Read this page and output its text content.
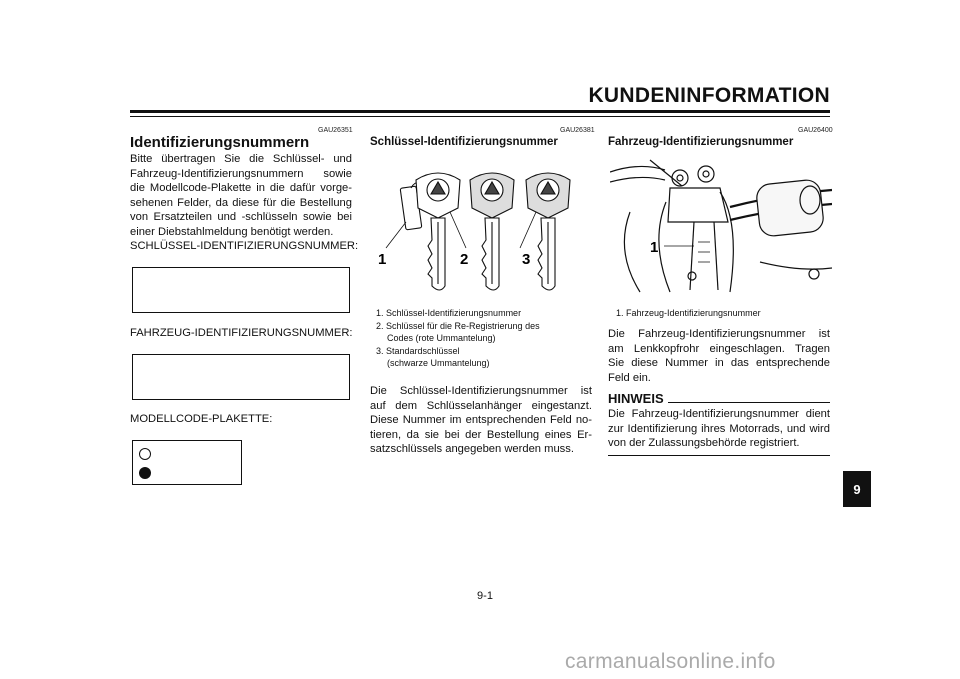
KUNDENINFORMATION
GAU26351
Identifizierungsnummern
Bitte übertragen Sie die Schlüssel- und
Fahrzeug-Identifizierungsnummern sowie
die Modellcode-Plakette in die dafür vorge-
sehenen Felder, da diese für die Bestellung
von Ersatzteilen und -schlüsseln sowie bei
einer Diebstahlmeldung benötigt werden.
SCHLÜSSEL-IDENTIFIZIERUNGSNUMMER:
FAHRZEUG-IDENTIFIZIERUNGSNUMMER:
MODELLCODE-PLAKETTE:
GAU26381
Schlüssel-Identifizierungsnummer
1	2	3
1. Schlüssel-Identifizierungsnummer
2. Schlüssel für die Re-Registrierung des
Codes (rote Ummantelung)
3. Standardschlüssel
(schwarze Ummantelung)
Die Schlüssel-Identifizierungsnummer ist
auf dem Schlüsselanhänger eingestanzt.
Diese Nummer im entsprechenden Feld no-
tieren, da sie bei der Bestellung eines Er-
satzschlüssels angegeben werden muss.
GAU26400
Fahrzeug-Identifizierungsnummer
1
1. Fahrzeug-Identifizierungsnummer
Die Fahrzeug-Identifizierungsnummer ist
am Lenkkopfrohr eingeschlagen. Tragen
Sie diese Nummer in das entsprechende
Feld ein.
HINWEIS
Die Fahrzeug-Identifizierungsnummer dient
zur Identifizierung ihres Motorrads, und wird
von der Zulassungsbehörde registriert.
9
9-1
carmanualsonline.info
